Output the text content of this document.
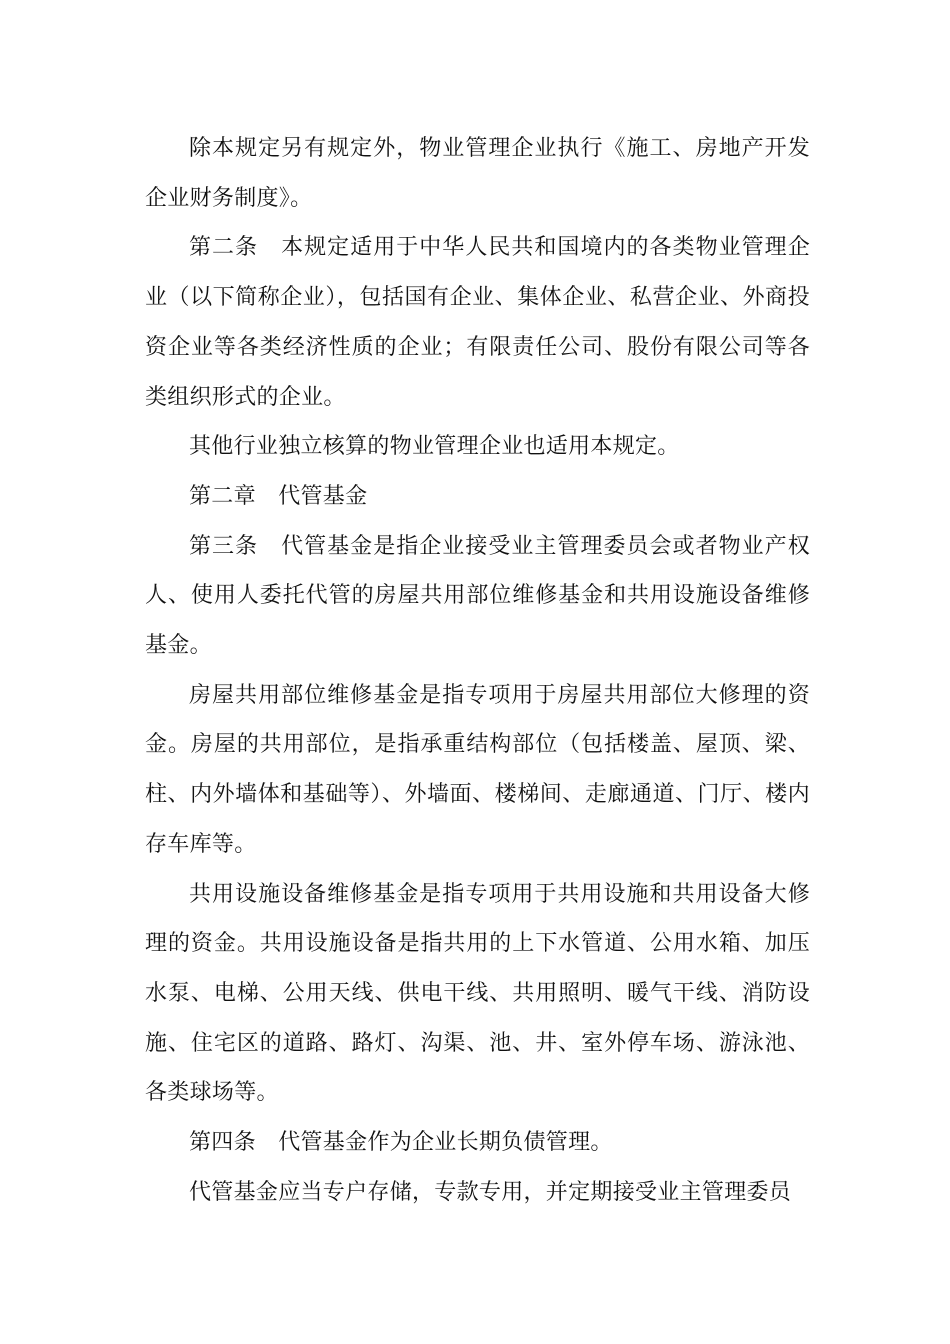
除本规定另有规定外，物业管理企业执行《施工、房地产开发企业财务制度》。

第二条　本规定适用于中华人民共和国境内的各类物业管理企业（以下简称企业），包括国有企业、集体企业、私营企业、外商投资企业等各类经济性质的企业；有限责任公司、股份有限公司等各类组织形式的企业。

其他行业独立核算的物业管理企业也适用本规定。

第二章　代管基金

第三条　代管基金是指企业接受业主管理委员会或者物业产权人、使用人委托代管的房屋共用部位维修基金和共用设施设备维修基金。

房屋共用部位维修基金是指专项用于房屋共用部位大修理的资金。房屋的共用部位，是指承重结构部位（包括楼盖、屋顶、梁、柱、内外墙体和基础等）、外墙面、楼梯间、走廊通道、门厅、楼内存车库等。

共用设施设备维修基金是指专项用于共用设施和共用设备大修理的资金。共用设施设备是指共用的上下水管道、公用水箱、加压水泵、电梯、公用天线、供电干线、共用照明、暖气干线、消防设施、住宅区的道路、路灯、沟渠、池、井、室外停车场、游泳池、各类球场等。

第四条　代管基金作为企业长期负债管理。

代管基金应当专户存储，专款专用，并定期接受业主管理委员
